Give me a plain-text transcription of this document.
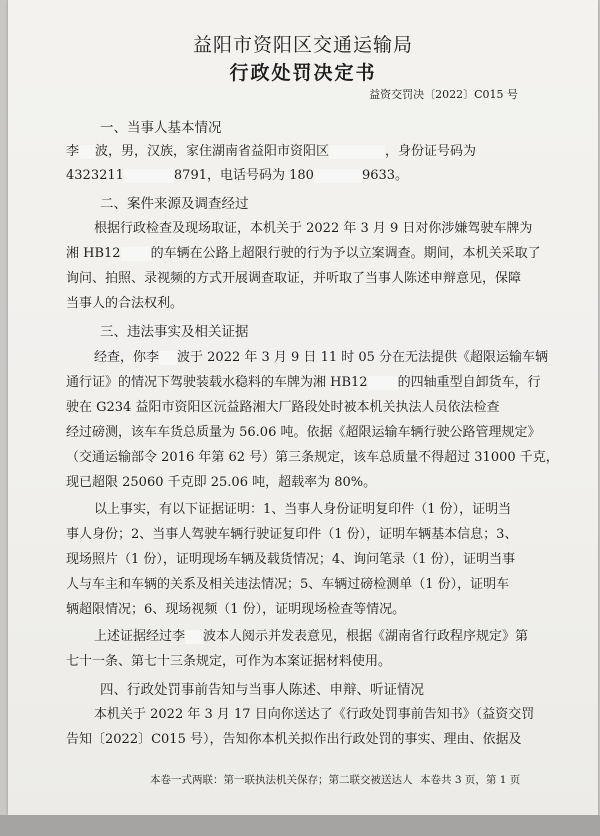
益阳市资阳区交通运输局
行政处罚决定书
益资交罚决〔2022〕C015 号
一、当事人基本情况
李 波，男，汉族，家住湖南省益阳市资阳区	，身份证号码为
4323211	8791，电话号码为 180	9633。
二、案件来源及调查经过
根据行政检查及现场取证，本机关于 2022 年 3 月 9 日对你涉嫌驾驶车牌为
湘 HB12 的车辆在公路上超限行驶的行为予以立案调查。期间，本机关采取了
询问、拍照、录视频的方式开展调查取证，并听取了当事人陈述申辩意见，保障
当事人的合法权利。
三、违法事实及相关证据
经查，你李 波于 2022 年 3 月 9 日 11 时 05 分在无法提供《超限运输车辆
通行证》的情况下驾驶装载水稳料的车牌为湘 HB12 的四轴重型自卸货车，行
驶在 G234 益阳市资阳区沅益路湘大厂路段处时被本机关执法人员依法检查
经过磅测，该车车货总质量为 56.06 吨。依据《超限运输车辆行驶公路管理规定》
（交通运输部令 2016 年第 62 号）第三条规定，该车总质量不得超过 31000 千克，
现已超限 25060 千克即 25.06 吨，超载率为 80%。
以上事实，有以下证据证明：1、当事人身份证明复印件（1 份），证明当
事人身份；2、当事人驾驶车辆行驶证复印件（1 份），证明车辆基本信息；3、
现场照片（1 份），证明现场车辆及载货情况；4、询问笔录（1 份），证明当事
人与车主和车辆的关系及相关违法情况；5、车辆过磅检测单（1 份），证明车
辆超限情况；6、现场视频（1 份），证明现场检查等情况。
上述证据经过李 波本人阅示并发表意见，根据《湖南省行政程序规定》第
七十一条、第七十三条规定，可作为本案证据材料使用。
四、行政处罚事前告知与当事人陈述、申辩、听证情况
本机关于 2022 年 3 月 17 日向你送达了《行政处罚事前告知书》（益资交罚
告知〔2022〕C015 号），告知你本机关拟作出行政处罚的事实、理由、依据及
本卷一式两联：第一联执法机关保存；第二联交被送达人 本卷共 3 页，第 1 页
